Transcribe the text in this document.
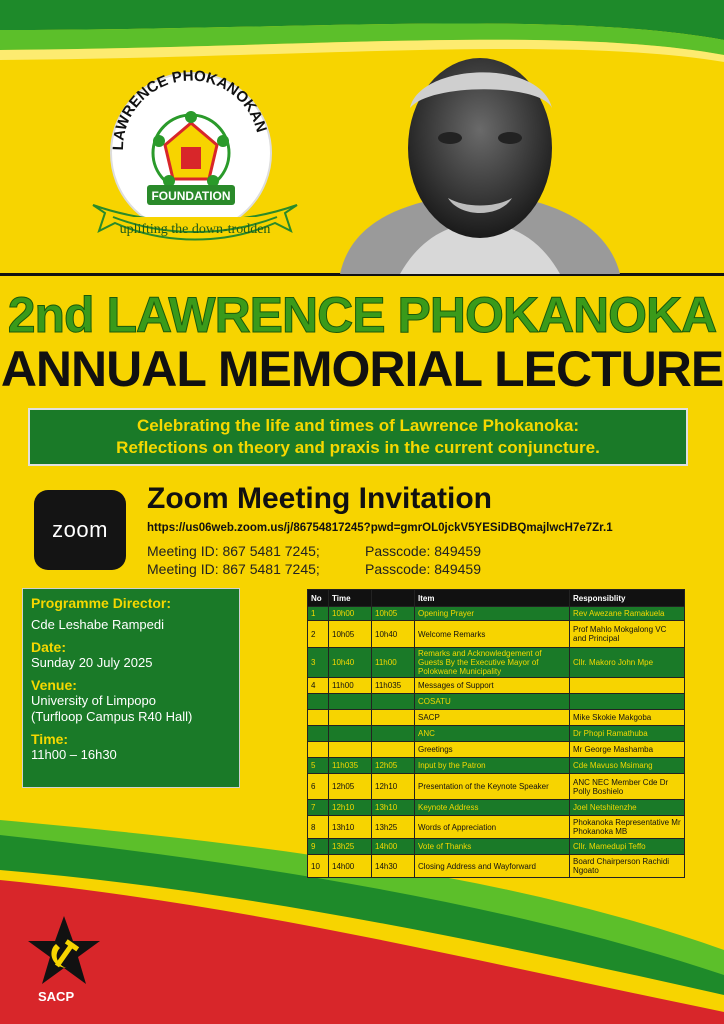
LAWRENCE PHOKANOKAN
FOUNDATION
uplifting the down-trodden
2nd LAWRENCE PHOKANOKA
ANNUAL MEMORIAL LECTURE
Celebrating the life and times of Lawrence Phokanoka:
Reflections on theory and praxis in the current conjuncture.
zoom
Zoom Meeting Invitation
https://us06web.zoom.us/j/86754817245?pwd=gmrOL0jckV5YESiDBQmajlwcH7e7Zr.1
Meeting ID: 867 5481 7245;	Passcode: 849459
Meeting ID: 867 5481 7245;	Passcode: 849459
Programme Director:
Cde Leshabe Rampedi
Date:
Sunday 20 July 2025
Venue:
University of Limpopo
(Turfloop Campus R40 Hall)
Time:
11h00 – 16h30
No	Time		Item	Responsiblity
1	10h00	10h05	Opening Prayer	Rev Awezane Ramakuela
2	10h05	10h40	Welcome Remarks	Prof Mahlo Mokgalong VC and Principal
3	10h40	11h00	Remarks and Acknowledgement of Guests By the Executive Mayor of Polokwane Municipality	Cllr. Makoro John Mpe
4	11h00	11h035	Messages of Support	
			COSATU	
			SACP	Mike Skokie Makgoba
			ANC	Dr Phopi Ramathuba
			Greetings	Mr George Mashamba
5	11h035	12h05	Input by the Patron	Cde Mavuso Msimang
6	12h05	12h10	Presentation of the Keynote Speaker	ANC NEC Member Cde Dr Polly Boshielo
7	12h10	13h10	Keynote Address	Joel Netshitenzhe
8	13h10	13h25	Words of Appreciation	Phokanoka Representative Mr Phokanoka MB
9	13h25	14h00	Vote of Thanks	Cllr. Mamedupi Teffo
10	14h00	14h30	Closing Address and Wayforward	Board Chairperson Rachidi Ngoato
SACP
